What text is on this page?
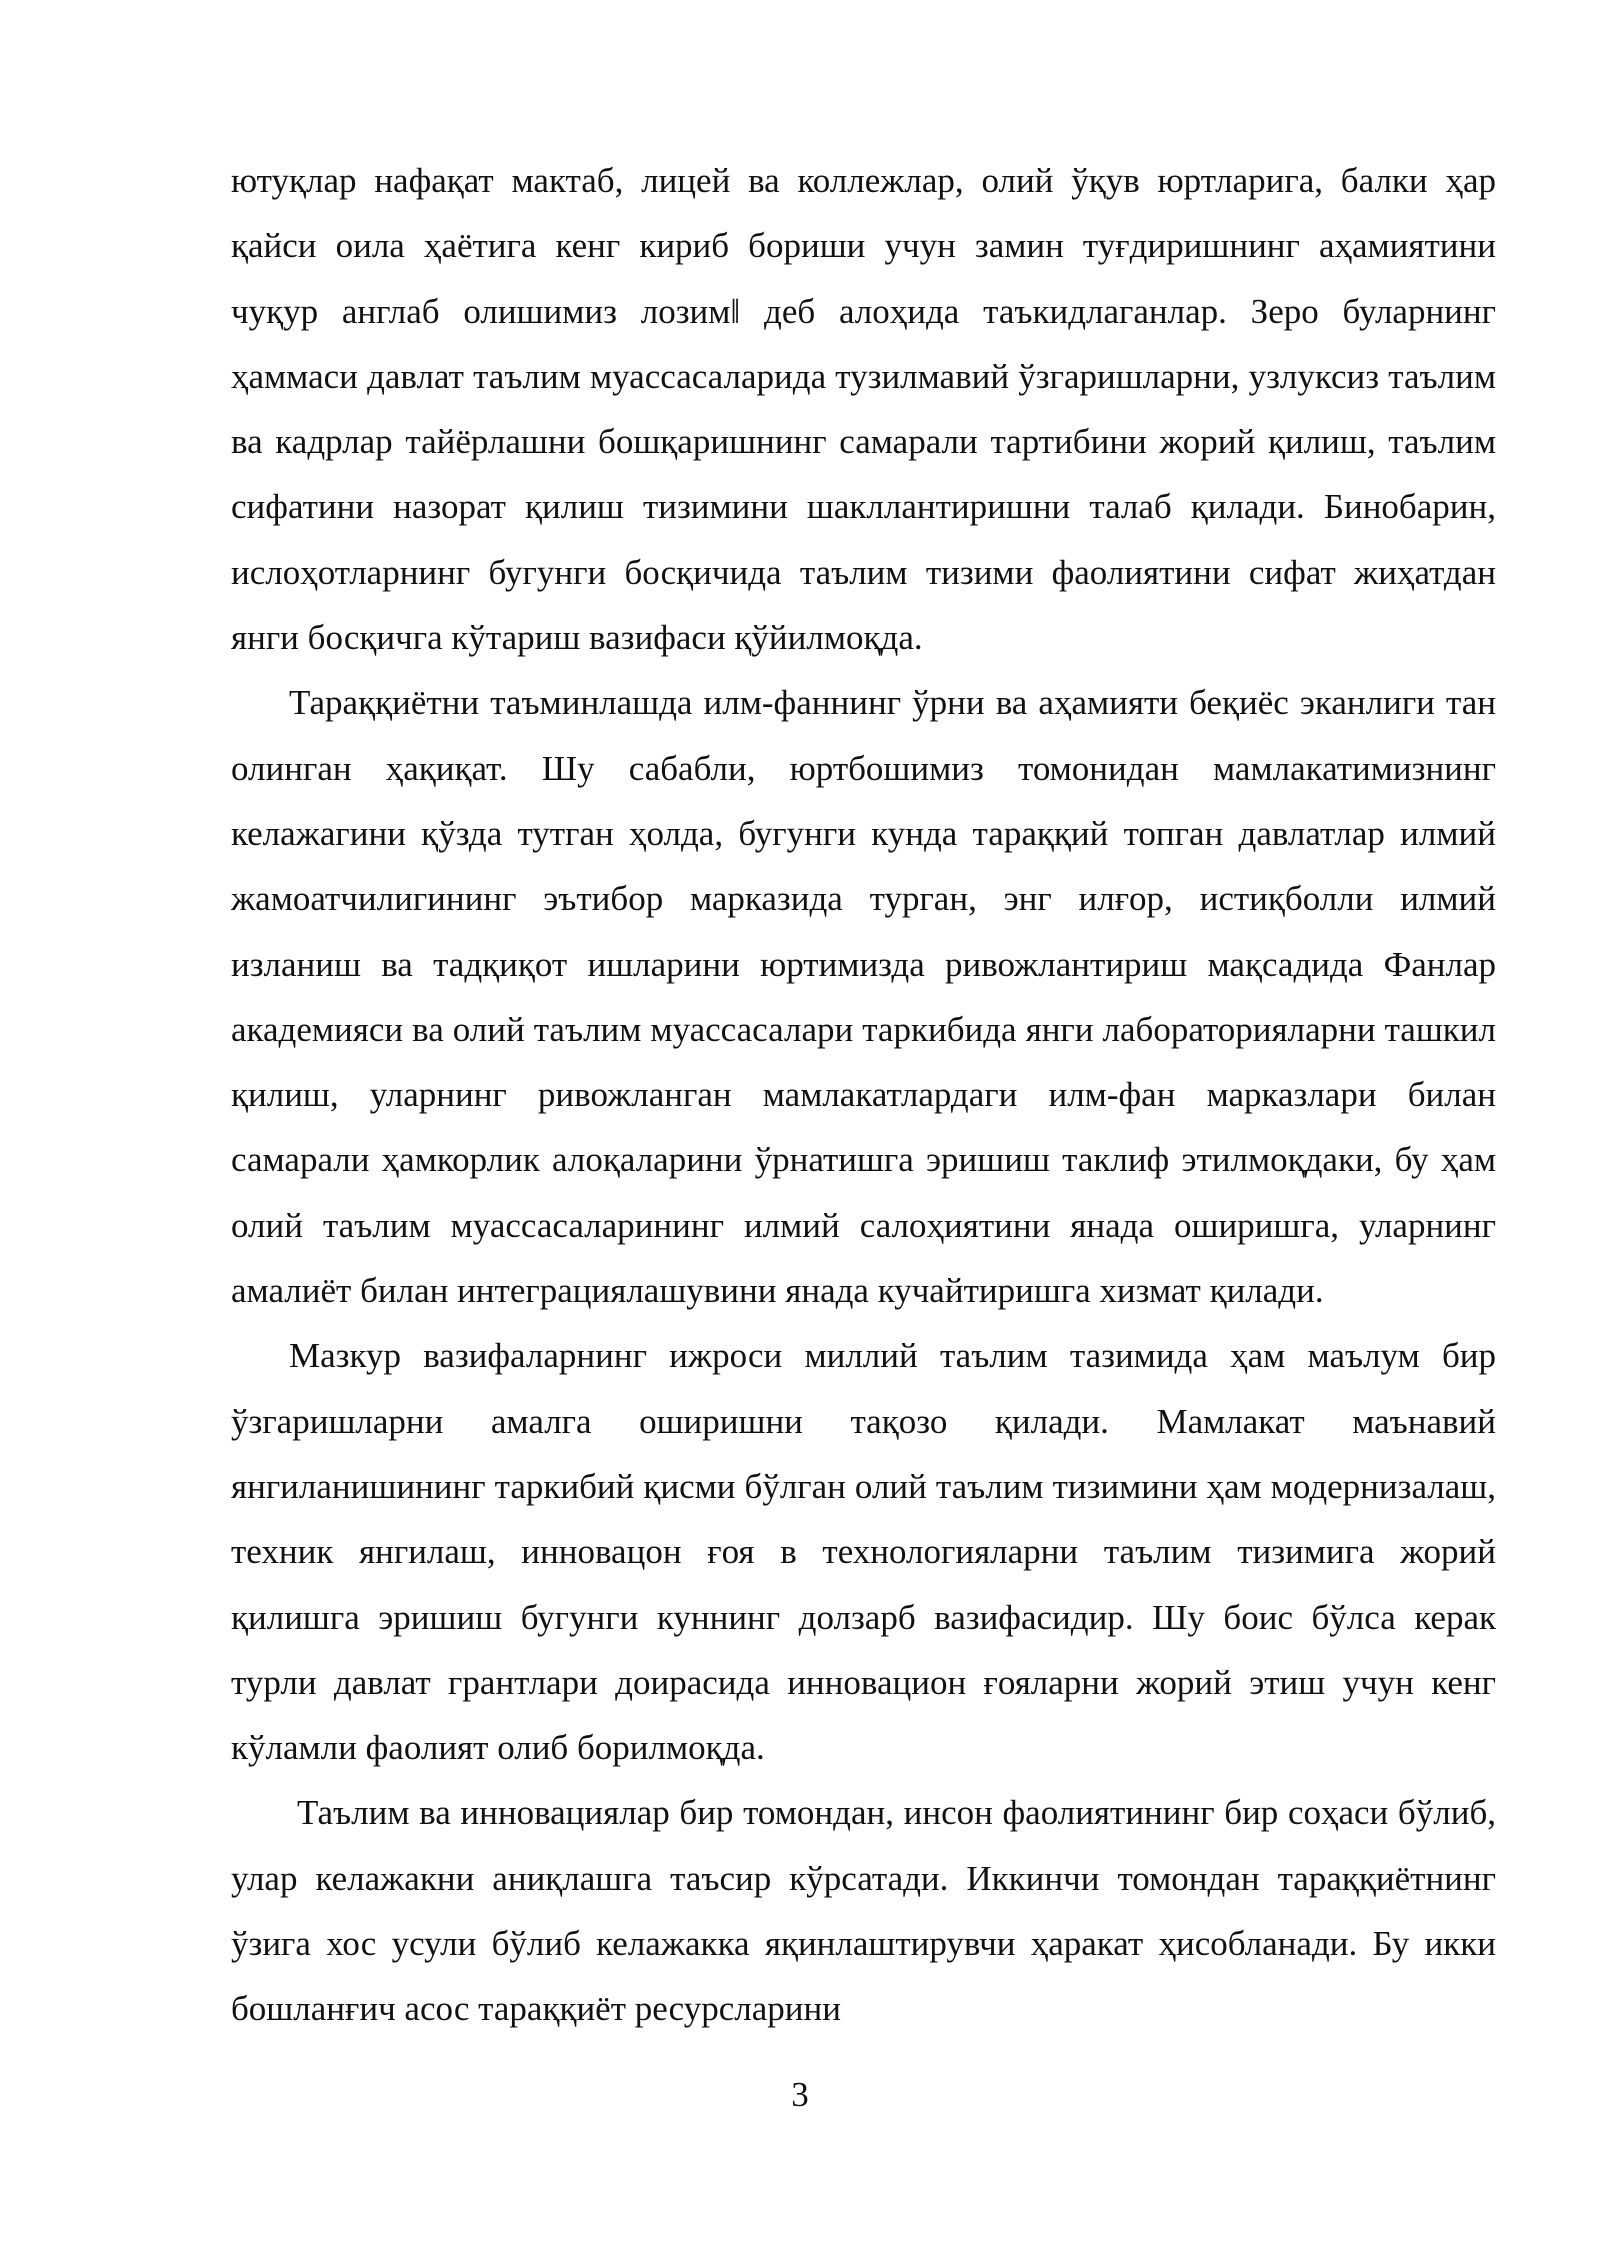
ютуқлар нафақат мактаб, лицей ва коллежлар, олий ўқув юртларига, балки ҳар қайси оила ҳаётига кенг кириб бориши учун замин туғдиришнинг аҳамиятини чуқур англаб олишимиз лозим‖ деб алоҳида таъкидлаганлар. Зеро буларнинг ҳаммаси давлат таълим муассасаларида тузилмавий ўзгаришларни, узлуксиз таълим ва кадрлар тайёрлашни бошқаришнинг самарали тартибини жорий қилиш, таълим сифатини назорат қилиш тизимини шакллантиришни талаб қилади. Бинобарин, ислоҳотларнинг бугунги босқичида таълим тизими фаолиятини сифат жиҳатдан янги босқичга кўтариш вазифаси қўйилмоқда.

Тараққиётни таъминлашда илм-фаннинг ўрни ва аҳамияти беқиёс эканлиги тан олинган ҳақиқат. Шу сабабли, юртбошимиз томонидан мамлакатимизнинг келажагини қўзда тутган ҳолда, бугунги кунда тараққий топган давлатлар илмий жамоатчилигининг эътибор марказида турган, энг илғор, истиқболли илмий изланиш ва тадқиқот ишларини юртимизда ривожлантириш мақсадида Фанлар академияси ва олий таълим муассасалари таркибида янги лабораторияларни ташкил қилиш, уларнинг ривожланган мамлакатлардаги илм-фан марказлари билан самарали ҳамкорлик алоқаларини ўрнатишга эришиш таклиф этилмоқдаки, бу ҳам олий таълим муассасаларининг илмий салоҳиятини янада оширишга, уларнинг амалиёт билан интеграциялашувини янада кучайтиришга хизмат қилади.

Мазкур вазифаларнинг ижроси миллий таълим тазимида ҳам маълум бир ўзгаришларни амалга оширишни тақозо қилади. Мамлакат маънавий янгиланишининг таркибий қисми бўлган олий таълим тизимини ҳам модернизалаш, техник янгилаш, инновацон ғоя в технологияларни таълим тизимига жорий қилишга эришиш бугунги куннинг долзарб вазифасидир. Шу боис бўлса керак турли давлат грантлари доирасида инновацион ғояларни жорий этиш учун кенг кўламли фаолият олиб борилмоқда.

Таълим ва инновациялар бир томондан, инсон фаолиятининг бир соҳаси бўлиб, улар келажакни аниқлашга таъсир кўрсатади. Иккинчи томондан тараққиётнинг ўзига хос усули бўлиб келажакка яқинлаштирувчи ҳаракат ҳисобланади. Бу икки бошланғич асос тараққиёт ресурсларини

3
